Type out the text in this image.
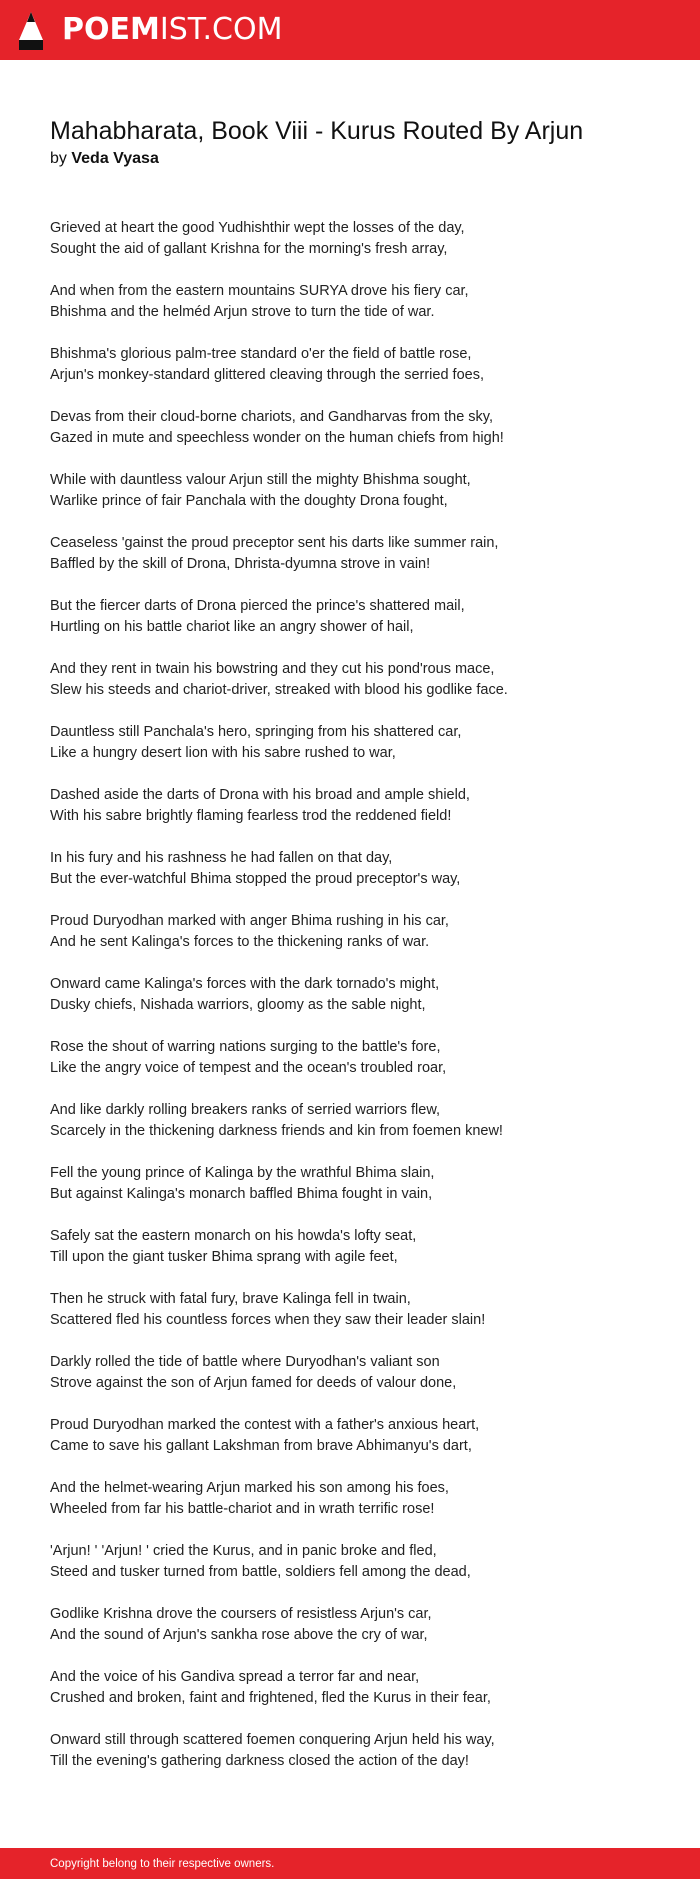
POEMIST.COM
Mahabharata, Book Viii - Kurus Routed By Arjun
by Veda Vyasa

Grieved at heart the good Yudhishthir wept the losses of the day,
Sought the aid of gallant Krishna for the morning's fresh array,

And when from the eastern mountains SURYA drove his fiery car,
Bhishma and the helméd Arjun strove to turn the tide of war.

Bhishma's glorious palm-tree standard o'er the field of battle rose,
Arjun's monkey-standard glittered cleaving through the serried foes,

Devas from their cloud-borne chariots, and Gandharvas from the sky,
Gazed in mute and speechless wonder on the human chiefs from high!

While with dauntless valour Arjun still the mighty Bhishma sought,
Warlike prince of fair Panchala with the doughty Drona fought,

Ceaseless 'gainst the proud preceptor sent his darts like summer rain,
Baffled by the skill of Drona, Dhrista-dyumna strove in vain!

But the fiercer darts of Drona pierced the prince's shattered mail,
Hurtling on his battle chariot like an angry shower of hail,

And they rent in twain his bowstring and they cut his pond'rous mace,
Slew his steeds and chariot-driver, streaked with blood his godlike face.

Dauntless still Panchala's hero, springing from his shattered car,
Like a hungry desert lion with his sabre rushed to war,

Dashed aside the darts of Drona with his broad and ample shield,
With his sabre brightly flaming fearless trod the reddened field!

In his fury and his rashness he had fallen on that day,
But the ever-watchful Bhima stopped the proud preceptor's way,

Proud Duryodhan marked with anger Bhima rushing in his car,
And he sent Kalinga's forces to the thickening ranks of war.

Onward came Kalinga's forces with the dark tornado's might,
Dusky chiefs, Nishada warriors, gloomy as the sable night,

Rose the shout of warring nations surging to the battle's fore,
Like the angry voice of tempest and the ocean's troubled roar,

And like darkly rolling breakers ranks of serried warriors flew,
Scarcely in the thickening darkness friends and kin from foemen knew!

Fell the young prince of Kalinga by the wrathful Bhima slain,
But against Kalinga's monarch baffled Bhima fought in vain,

Safely sat the eastern monarch on his howda's lofty seat,
Till upon the giant tusker Bhima sprang with agile feet,

Then he struck with fatal fury, brave Kalinga fell in twain,
Scattered fled his countless forces when they saw their leader slain!

Darkly rolled the tide of battle where Duryodhan's valiant son
Strove against the son of Arjun famed for deeds of valour done,

Proud Duryodhan marked the contest with a father's anxious heart,
Came to save his gallant Lakshman from brave Abhimanyu's dart,

And the helmet-wearing Arjun marked his son among his foes,
Wheeled from far his battle-chariot and in wrath terrific rose!

'Arjun! ' 'Arjun! ' cried the Kurus, and in panic broke and fled,
Steed and tusker turned from battle, soldiers fell among the dead,

Godlike Krishna drove the coursers of resistless Arjun's car,
And the sound of Arjun's sankha rose above the cry of war,

And the voice of his Gandiva spread a terror far and near,
Crushed and broken, faint and frightened, fled the Kurus in their fear,

Onward still through scattered foemen conquering Arjun held his way,
Till the evening's gathering darkness closed the action of the day!

Copyright belong to their respective owners.
